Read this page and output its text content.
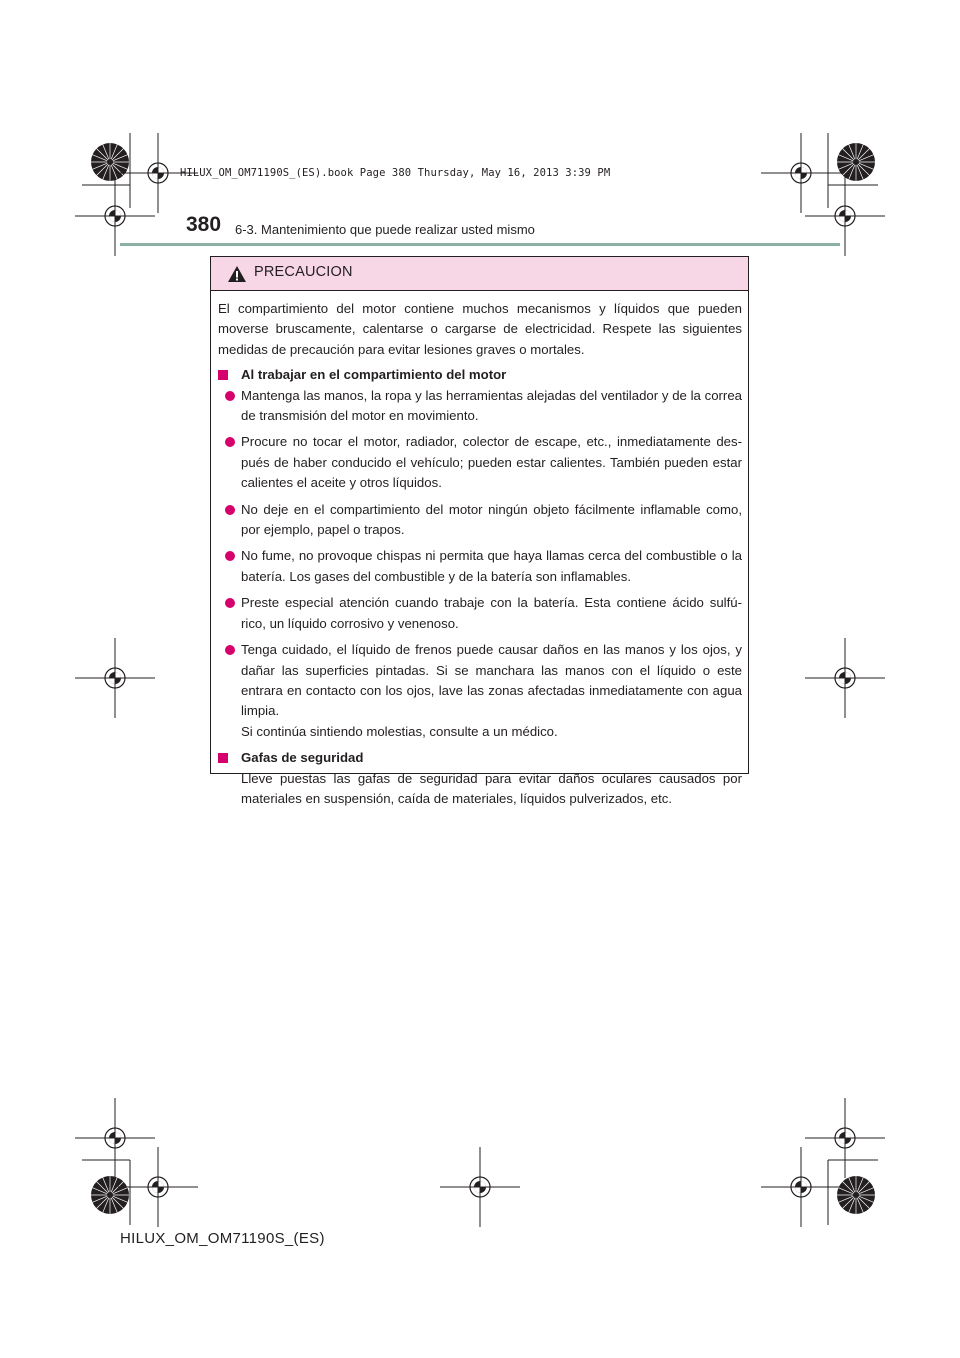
HILUX_OM_OM71190S_(ES).book Page 380 Thursday, May 16, 2013 3:39 PM
380 6-3. Mantenimiento que puede realizar usted mismo
PRECAUCION

El compartimiento del motor contiene muchos mecanismos y líquidos que pueden moverse bruscamente, calentarse o cargarse de electricidad. Respete las siguientes medidas de precaución para evitar lesiones graves o mortales.

Al trabajar en el compartimiento del motor

Mantenga las manos, la ropa y las herramientas alejadas del ventilador y de la correa de transmisión del motor en movimiento.

Procure no tocar el motor, radiador, colector de escape, etc., inmediatamente des-pués de haber conducido el vehículo; pueden estar calientes. También pueden estar calientes el aceite y otros líquidos.

No deje en el compartimiento del motor ningún objeto fácilmente inflamable como, por ejemplo, papel o trapos.

No fume, no provoque chispas ni permita que haya llamas cerca del combustible o la batería. Los gases del combustible y de la batería son inflamables.

Preste especial atención cuando trabaje con la batería. Esta contiene ácido sulfú-rico, un líquido corrosivo y venenoso.

Tenga cuidado, el líquido de frenos puede causar daños en las manos y los ojos, y dañar las superficies pintadas. Si se manchara las manos con el líquido o este entrara en contacto con los ojos, lave las zonas afectadas inmediatamente con agua limpia.

Si continúa sintiendo molestias, consulte a un médico.

Gafas de seguridad

Lleve puestas las gafas de seguridad para evitar daños oculares causados por materiales en suspensión, caída de materiales, líquidos pulverizados, etc.

HILUX_OM_OM71190S_(ES)
